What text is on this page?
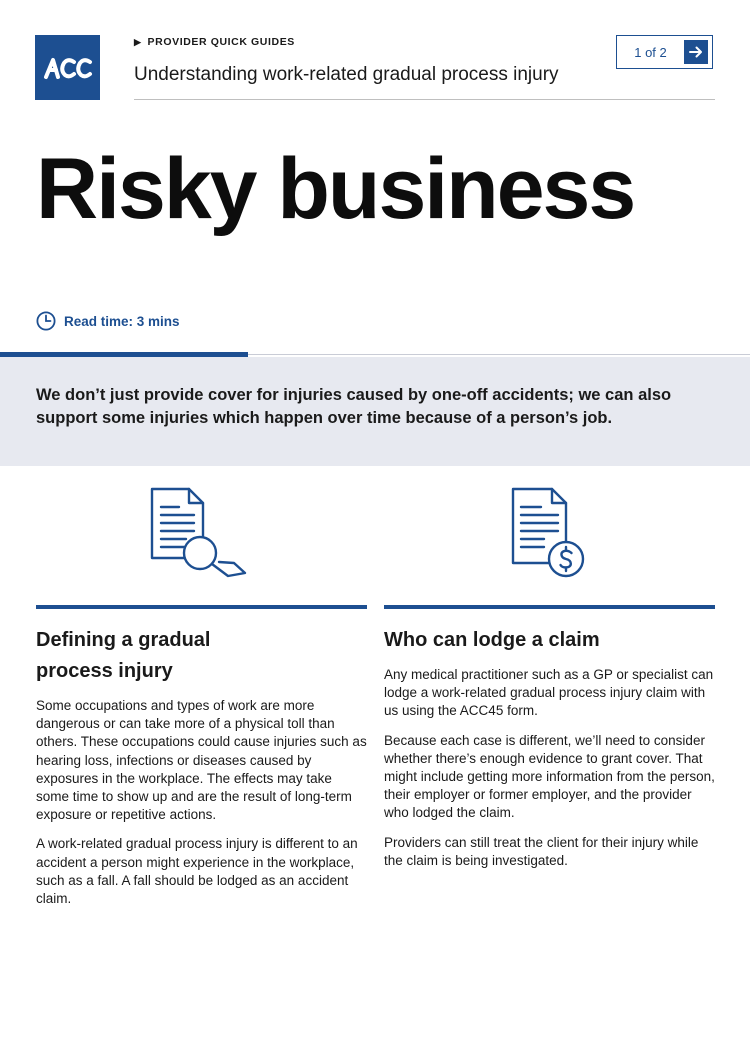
▶ PROVIDER QUICK GUIDES
Understanding work-related gradual process injury
1 of 2
Risky business
Read time: 3 mins
We don’t just provide cover for injuries caused by one-off accidents; we can also support some injuries which happen over time because of a person’s job.
Defining a gradual
process injury

Some occupations and types of work are more dangerous or can take more of a physical toll than others. These occupations could cause injuries such as hearing loss, infections or diseases caused by exposures in the workplace. The effects may take some time to show up and are the result of long-term exposure or repetitive actions.

A work-related gradual process injury is different to an accident a person might experience in the workplace, such as a fall. A fall should be lodged as an accident claim.

Who can lodge a claim

Any medical practitioner such as a GP or specialist can lodge a work-related gradual process injury claim with us using the ACC45 form.

Because each case is different, we’ll need to consider whether there’s enough evidence to grant cover. That might include getting more information from the person, their employer or former employer, and the provider who lodged the claim.

Providers can still treat the client for their injury while the claim is being investigated.
